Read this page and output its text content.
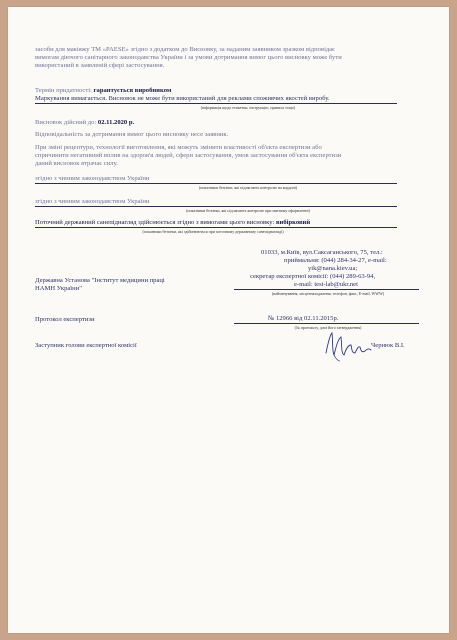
засоби для макіяжу ТМ «PAESE» згідно з додатком до Висновку, за наданим заявником зразком відповідає
вимогам діючого санітарного законодавства України і за умови дотримання вимог цього висновку може бути
використаний в заявленій сфері застосування.
Термін придатності: гарантується виробником
Маркування вимагається. Висновок не може бути використаний для реклами споживчих якостей виробу.
(інформація щодо етикетки, інструкцію, правила тощо)
Висновок дійсний до: 02.11.2020 р.
Відповідальність за дотримання вимог цього висновку несе заявник.
При зміні рецептури, технології виготовлення, які можуть змінити властивості об'єкта експертизи або
спричинити негативний вплив на здоров'я людей, сфери застосування, умов застосування об'єкта експертизи
даний висновок втрачає силу.
згідно з чинним законодавством України
(показники безпеки, які підлягають контролю на кордоні)
згідно з чинним законодавством України
(показники безпеки, які підлягають контролю при митному оформленні)
Поточний державний санепіднагляд здійснюється згідно з вимогами цього висновку: вибірковий
(показники безпеки, які здійснюються при поточному державному санепіднагляді)
01033, м.Київ, вул.Саксаганського, 75, тел.:
приймальня: (044) 284-34-27, e-mail:
yik@nana.kiev.ua;
секретар експертної комісії: (044) 289-63-94,
e-mail: test-lab@ukr.net
(найменування, місцезнаходження, телефон, факс, E-mail, WWW)
Державна Установа "Інститут медицини праці
НАМН України"
Протокол експертизи	№ 12966 від 02.11.2015р.
(№ протоколу, дата його затвердження)
Заступник голови експертної комісії	Чернюк В.І.
